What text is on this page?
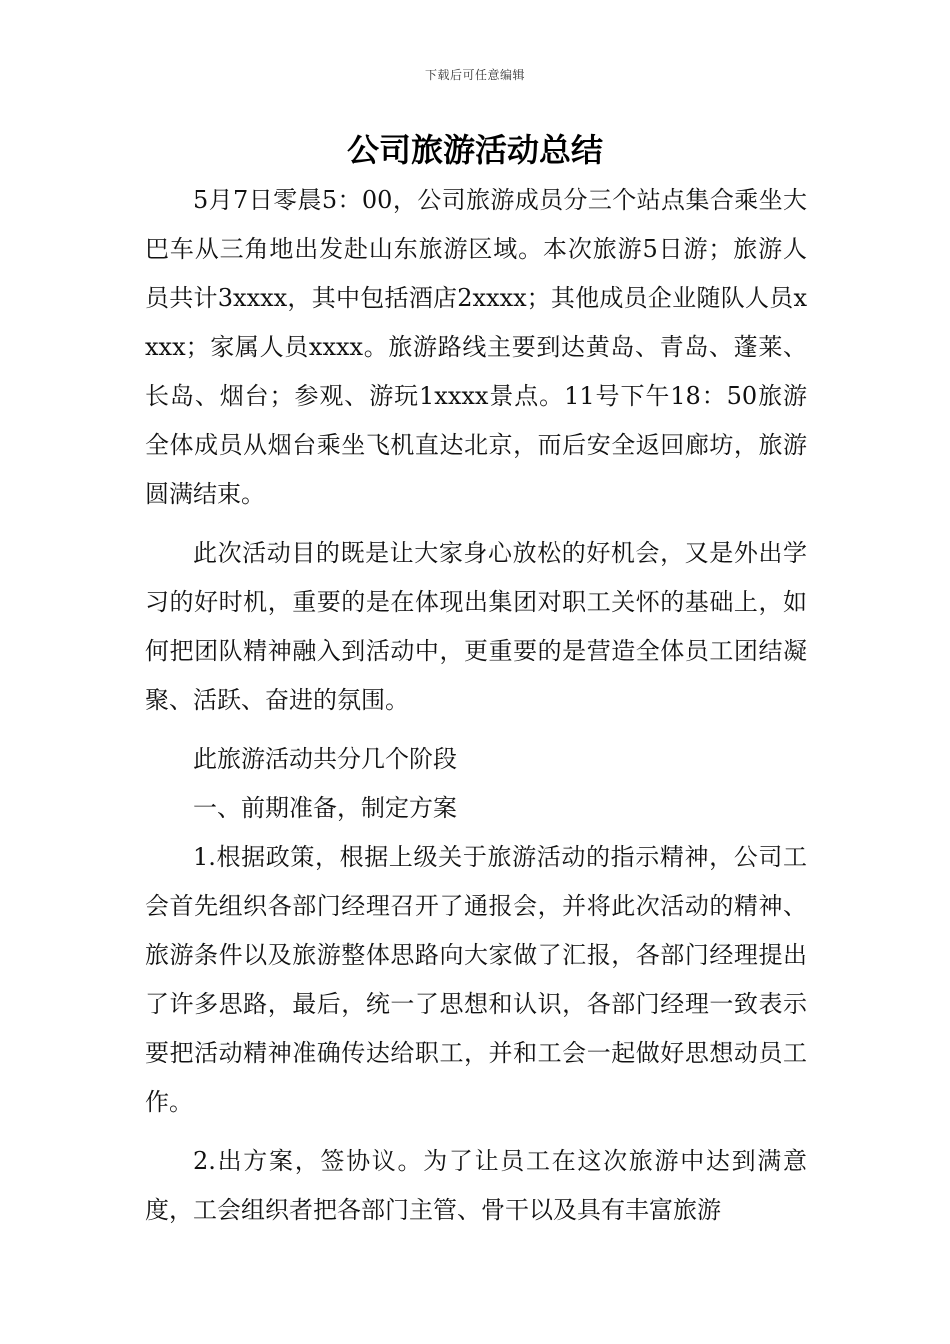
下载后可任意编辑
公司旅游活动总结

5月7日零晨5：00，公司旅游成员分三个站点集合乘坐大巴车从三角地出发赴山东旅游区域。本次旅游5日游；旅游人员共计3xxxx，其中包括酒店2xxxx；其他成员企业随队人员xxxx；家属人员xxxx。旅游路线主要到达黄岛、青岛、蓬莱、长岛、烟台；参观、游玩1xxxx景点。11号下午18：50旅游全体成员从烟台乘坐飞机直达北京，而后安全返回廊坊，旅游圆满结束。

此次活动目的既是让大家身心放松的好机会，又是外出学习的好时机，重要的是在体现出集团对职工关怀的基础上，如何把团队精神融入到活动中，更重要的是营造全体员工团结凝聚、活跃、奋进的氛围。

此旅游活动共分几个阶段

一、前期准备，制定方案

1.根据政策，根据上级关于旅游活动的指示精神，公司工会首先组织各部门经理召开了通报会，并将此次活动的精神、旅游条件以及旅游整体思路向大家做了汇报，各部门经理提出了许多思路，最后，统一了思想和认识，各部门经理一致表示要把活动精神准确传达给职工，并和工会一起做好思想动员工作。

2.出方案，签协议。为了让员工在这次旅游中达到满意度，工会组织者把各部门主管、骨干以及具有丰富旅游
